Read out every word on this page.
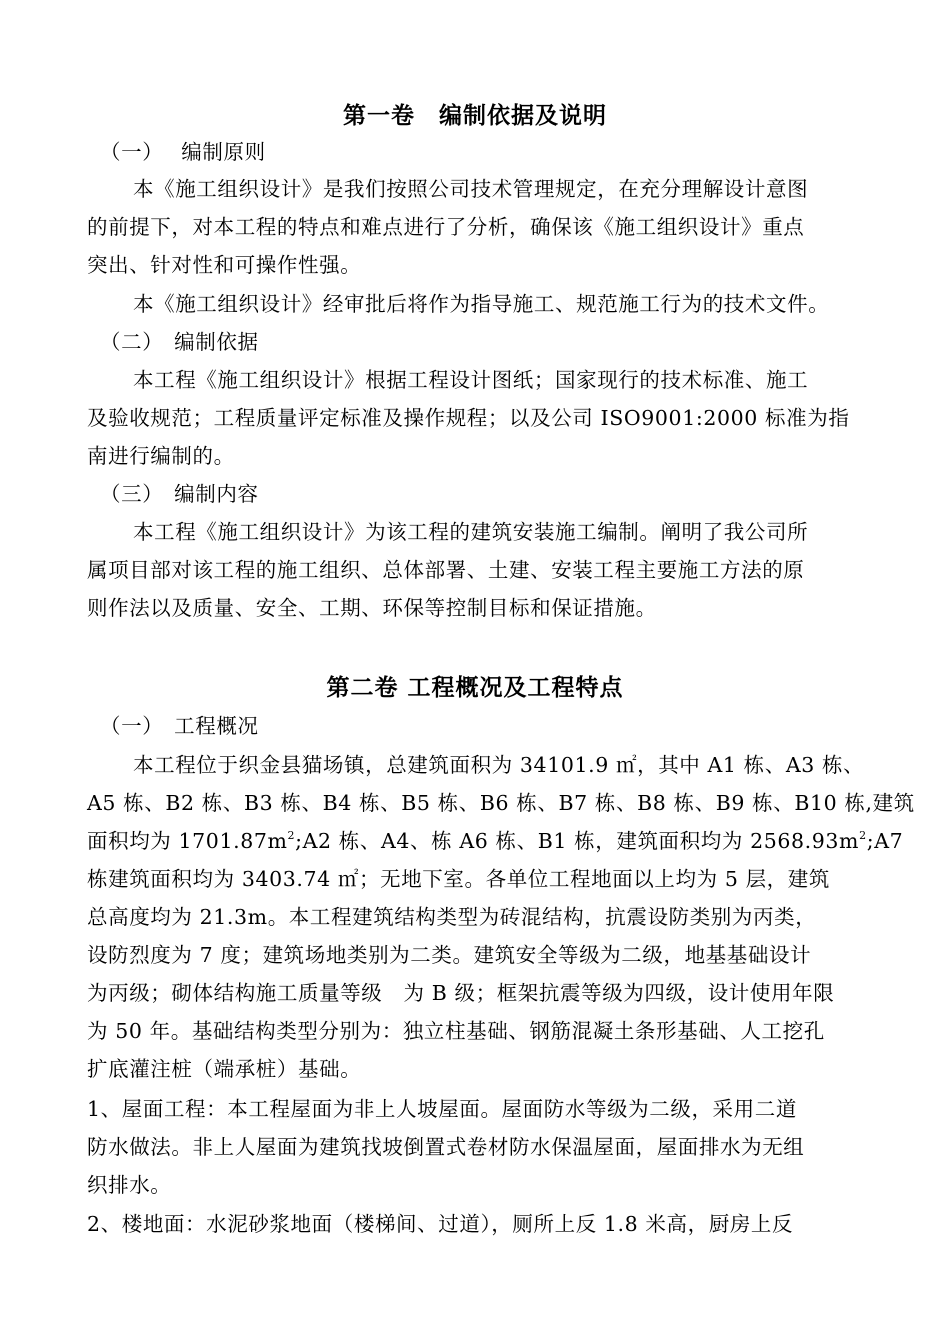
第一卷　编制依据及说明
（一）　 编制原则
本《施工组织设计》是我们按照公司技术管理规定，在充分理解设计意图
的前提下，对本工程的特点和难点进行了分析，确保该《施工组织设计》重点
突出、针对性和可操作性强。
本《施工组织设计》经审批后将作为指导施工、规范施工行为的技术文件。
（二）　编制依据
本工程《施工组织设计》根据工程设计图纸；国家现行的技术标准、施工
及验收规范；工程质量评定标准及操作规程；以及公司 ISO9001:2000 标准为指
南进行编制的。
（三）　编制内容
本工程《施工组织设计》为该工程的建筑安装施工编制。阐明了我公司所
属项目部对该工程的施工组织、总体部署、土建、安装工程主要施工方法的原
则作法以及质量、安全、工期、环保等控制目标和保证措施。
第二卷 工程概况及工程特点
（一）　工程概况
本工程位于织金县猫场镇，总建筑面积为 34101.9 ㎡，其中 A1 栋、A3 栋、
A5 栋、B2 栋、B3 栋、B4 栋、B5 栋、B6 栋、B7 栋、B8 栋、B9 栋、B10 栋,建筑
面积均为 $1701.87m^2;A2$ 栋、A4、栋 A6 栋、B1 栋，建筑面积均为 $2568.93m^2;A7$
栋建筑面积均为 3403.74 ㎡；无地下室。各单位工程地面以上均为 5 层，建筑
总高度均为 21.3m。本工程建筑结构类型为砖混结构，抗震设防类别为丙类，
设防烈度为 7 度；建筑场地类别为二类。建筑安全等级为二级，地基基础设计
为丙级；砌体结构施工质量等级　为 B 级；框架抗震等级为四级，设计使用年限
为 50 年。基础结构类型分别为：独立柱基础、钢筋混凝土条形基础、人工挖孔
扩底灌注桩（端承桩）基础。
1、屋面工程：本工程屋面为非上人坡屋面。屋面防水等级为二级，采用二道
防水做法。非上人屋面为建筑找坡倒置式卷材防水保温屋面，屋面排水为无组
织排水。
2、楼地面：水泥砂浆地面（楼梯间、过道），厕所上反 1.8 米高，厨房上反
